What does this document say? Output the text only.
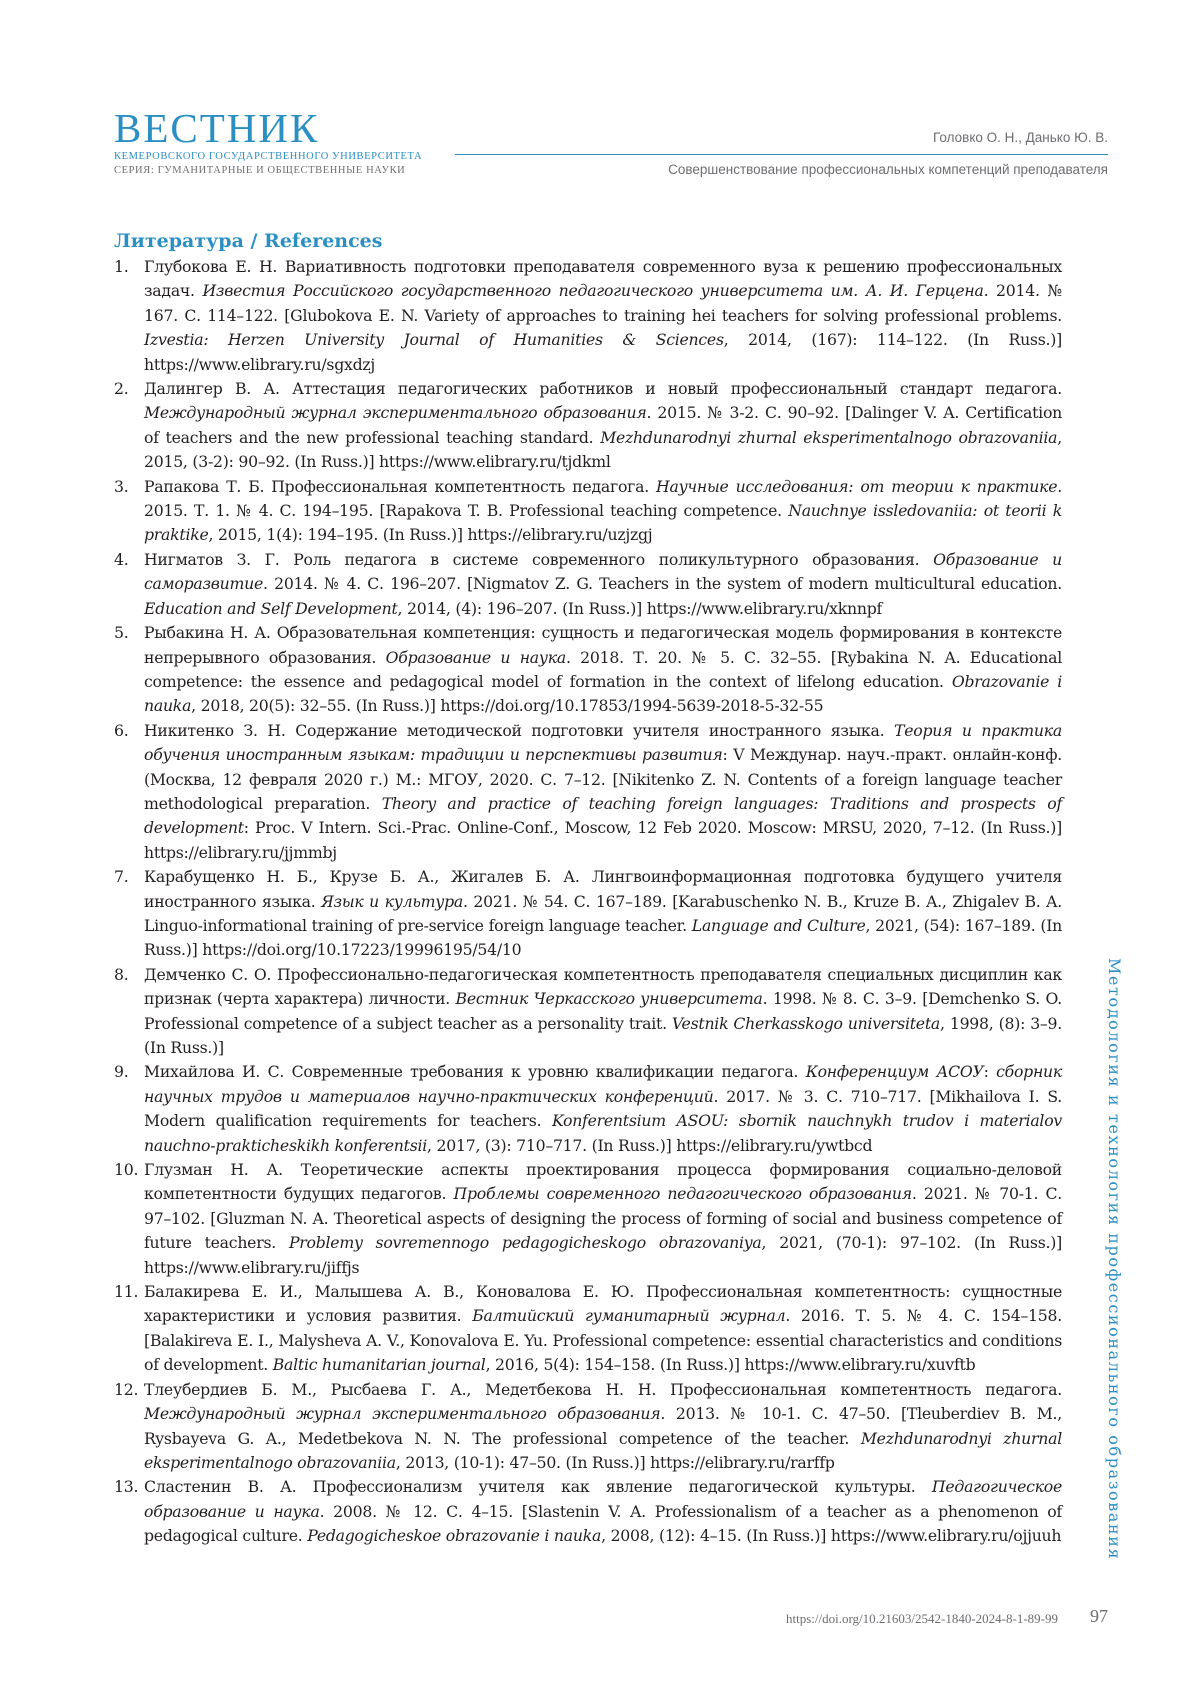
ВЕСТНИК
КЕМЕРОВСКОГО ГОСУДАРСТВЕННОГО УНИВЕРСИТЕТА
СЕРИЯ: ГУМАНИТАРНЫЕ И ОБЩЕСТВЕННЫЕ НАУКИ
Головко О. Н., Данько Ю. В.
Совершенствование профессиональных компетенций преподавателя
Литература / References
1. Глубокова Е. Н. Вариативность подготовки преподавателя современного вуза к решению профессиональных задач. Известия Российского государственного педагогического университета им. А. И. Герцена. 2014. № 167. С. 114–122. [Glubokova E. N. Variety of approaches to training hei teachers for solving professional problems. Izvestia: Herzen University Journal of Humanities & Sciences, 2014, (167): 114–122. (In Russ.)] https://www.elibrary.ru/sgxdzj
2. Далингер В. А. Аттестация педагогических работников и новый профессиональный стандарт педагога. Международный журнал экспериментального образования. 2015. № 3-2. С. 90–92. [Dalinger V. A. Certification of teachers and the new professional teaching standard. Mezhdunarodnyi zhurnal eksperimentalnogo obrazovaniia, 2015, (3-2): 90–92. (In Russ.)] https://www.elibrary.ru/tjdkml
3. Рапакова Т. Б. Профессиональная компетентность педагога. Научные исследования: от теории к практике. 2015. Т. 1. № 4. С. 194–195. [Rapakova T. B. Professional teaching competence. Nauchnye issledovaniia: ot teorii k praktike, 2015, 1(4): 194–195. (In Russ.)] https://elibrary.ru/uzjzgj
4. Нигматов З. Г. Роль педагога в системе современного поликультурного образования. Образование и саморазвитие. 2014. № 4. С. 196–207. [Nigmatov Z. G. Teachers in the system of modern multicultural education. Education and Self Development, 2014, (4): 196–207. (In Russ.)] https://www.elibrary.ru/xknnpf
5. Рыбакина Н. А. Образовательная компетенция: сущность и педагогическая модель формирования в контексте непрерывного образования. Образование и наука. 2018. Т. 20. № 5. С. 32–55. [Rybakina N. A. Educational competence: the essence and pedagogical model of formation in the context of lifelong education. Obrazovanie i nauka, 2018, 20(5): 32–55. (In Russ.)] https://doi.org/10.17853/1994-5639-2018-5-32-55
6. Никитенко З. Н. Содержание методической подготовки учителя иностранного языка. Теория и практика обучения иностранным языкам: традиции и перспективы развития: V Междунар. науч.-практ. онлайн-конф. (Москва, 12 февраля 2020 г.) М.: МГОУ, 2020. С. 7–12. [Nikitenko Z. N. Contents of a foreign language teacher methodological preparation. Theory and practice of teaching foreign languages: Traditions and prospects of development: Proc. V Intern. Sci.-Prac. Online-Conf., Moscow, 12 Feb 2020. Moscow: MRSU, 2020, 7–12. (In Russ.)] https://elibrary.ru/jjmmbj
7. Карабущенко Н. Б., Крузе Б. А., Жигалев Б. А. Лингвоинформационная подготовка будущего учителя иностранного языка. Язык и культура. 2021. № 54. С. 167–189. [Karabuschenko N. B., Kruze B. A., Zhigalev B. A. Linguo-informational training of pre-service foreign language teacher. Language and Culture, 2021, (54): 167–189. (In Russ.)] https://doi.org/10.17223/19996195/54/10
8. Демченко С. О. Профессионально-педагогическая компетентность преподавателя специальных дисциплин как признак (черта характера) личности. Вестник Черкасского университета. 1998. № 8. С. 3–9. [Demchenko S. O. Professional competence of a subject teacher as a personality trait. Vestnik Cherkasskogo universiteta, 1998, (8): 3–9. (In Russ.)]
9. Михайлова И. С. Современные требования к уровню квалификации педагога. Конференциум АСОУ: сборник научных трудов и материалов научно-практических конференций. 2017. № 3. С. 710–717. [Mikhailova I. S. Modern qualification requirements for teachers. Konferentsium ASOU: sbornik nauchnykh trudov i materialov nauchno-prakticheskikh konferentsii, 2017, (3): 710–717. (In Russ.)] https://elibrary.ru/ywtbcd
10. Глузман Н. А. Теоретические аспекты проектирования процесса формирования социально-деловой компетентности будущих педагогов. Проблемы современного педагогического образования. 2021. № 70-1. С. 97–102. [Gluzman N. A. Theoretical aspects of designing the process of forming of social and business competence of future teachers. Problemy sovremennogo pedagogicheskogo obrazovaniya, 2021, (70-1): 97–102. (In Russ.)] https://www.elibrary.ru/jiffjs
11. Балакирева Е. И., Малышева А. В., Коновалова Е. Ю. Профессиональная компетентность: сущностные характеристики и условия развития. Балтийский гуманитарный журнал. 2016. Т. 5. № 4. С. 154–158. [Balakireva E. I., Malysheva A. V., Konovalova E. Yu. Professional competence: essential characteristics and conditions of development. Baltic humanitarian journal, 2016, 5(4): 154–158. (In Russ.)] https://www.elibrary.ru/xuvftb
12. Тлеубердиев Б. М., Рысбаева Г. А., Медетбекова Н. Н. Профессиональная компетентность педагога. Международный журнал экспериментального образования. 2013. № 10-1. С. 47–50. [Tleuberdiev B. M., Rysbayeva G. A., Medetbekova N. N. The professional competence of the teacher. Mezhdunarodnyi zhurnal eksperimentalnogo obrazovaniia, 2013, (10-1): 47–50. (In Russ.)] https://elibrary.ru/rarffp
13. Сластенин В. А. Профессионализм учителя как явление педагогической культуры. Педагогическое образование и наука. 2008. № 12. С. 4–15. [Slastenin V. A. Professionalism of a teacher as a phenomenon of pedagogical culture. Pedagogicheskoe obrazovanie i nauka, 2008, (12): 4–15. (In Russ.)] https://www.elibrary.ru/ojjuuh	Методология и технология профессионального образования
https://doi.org/10.21603/2542-1840-2024-8-1-89-99 97
